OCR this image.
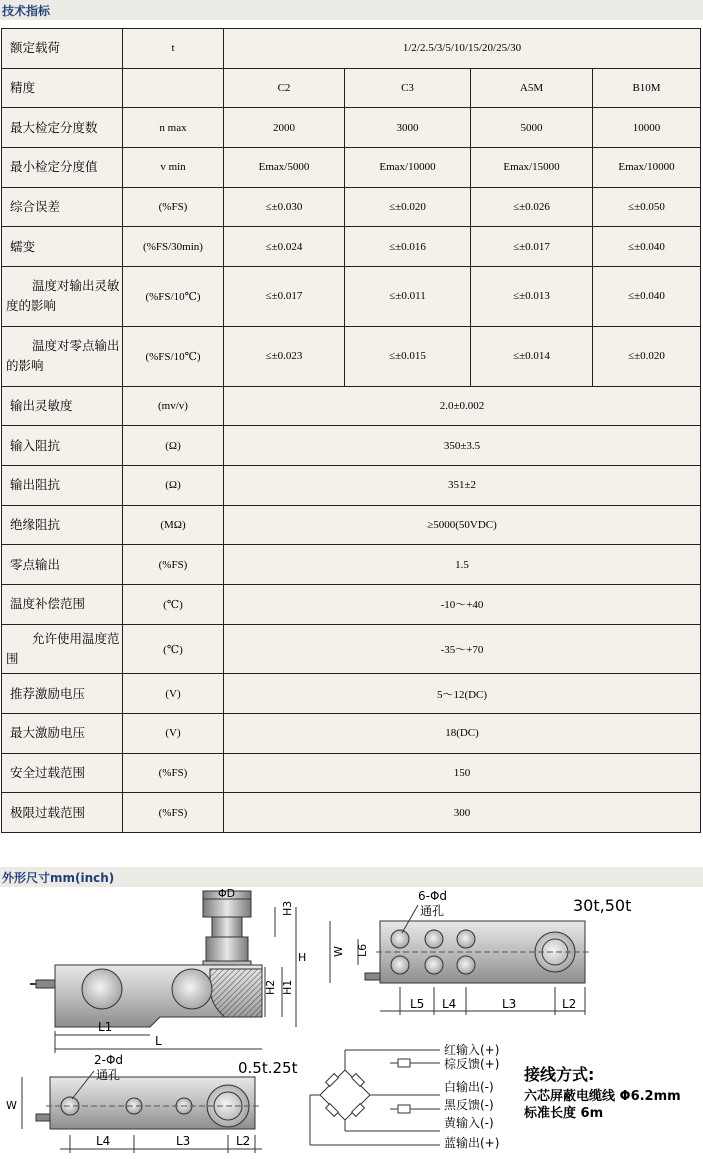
技术指标
额定载荷	t	1/2/2.5/3/5/10/15/20/25/30			
精度		C2	C3	A5M	B10M
最大检定分度数	n max	2000	3000	5000	10000
最小检定分度值	v min	Emax/5000	Emax/10000	Emax/15000	Emax/10000
综合误差	(%FS)	≤±0.030	≤±0.020	≤±0.026	≤±0.050
蠕变	(%FS/30min)	≤±0.024	≤±0.016	≤±0.017	≤±0.040
温度对输出灵敏度的影响	(%FS/10℃)	≤±0.017	≤±0.011	≤±0.013	≤±0.040
温度对零点输出的影响	(%FS/10℃)	≤±0.023	≤±0.015	≤±0.014	≤±0.020
输出灵敏度	(mv/v)	2.0±0.002			
输入阻抗	(Ω)	350±3.5			
输出阻抗	(Ω)	351±2			
绝缘阻抗	(MΩ)	≥5000(50VDC)			
零点输出	(%FS)	1.5			
温度补偿范围	(℃)	-10～+40			
允许使用温度范围	(℃)	-35～+70			
推荐激励电压	(V)	5～12(DC)			
最大激励电压	(V)	18(DC)			
安全过载范围	(%FS)	150			
极限过载范围	(%FS)	300			
外形尺寸mm(inch)
ΦD
H3
H
H2 H1
L1
L
6-Φd
通孔	30t,50t
W L6
L5 L4	L3	L2
2-Φd
通孔	0.5t.25t
W
L4	L3	L2
红输入(+)
棕反馈(+)
白输出(-)
黑反馈(-)
黄输入(-)
蓝输出(+)
接线方式:
六芯屏蔽电缆线 Φ6.2mm
标准长度 6m
